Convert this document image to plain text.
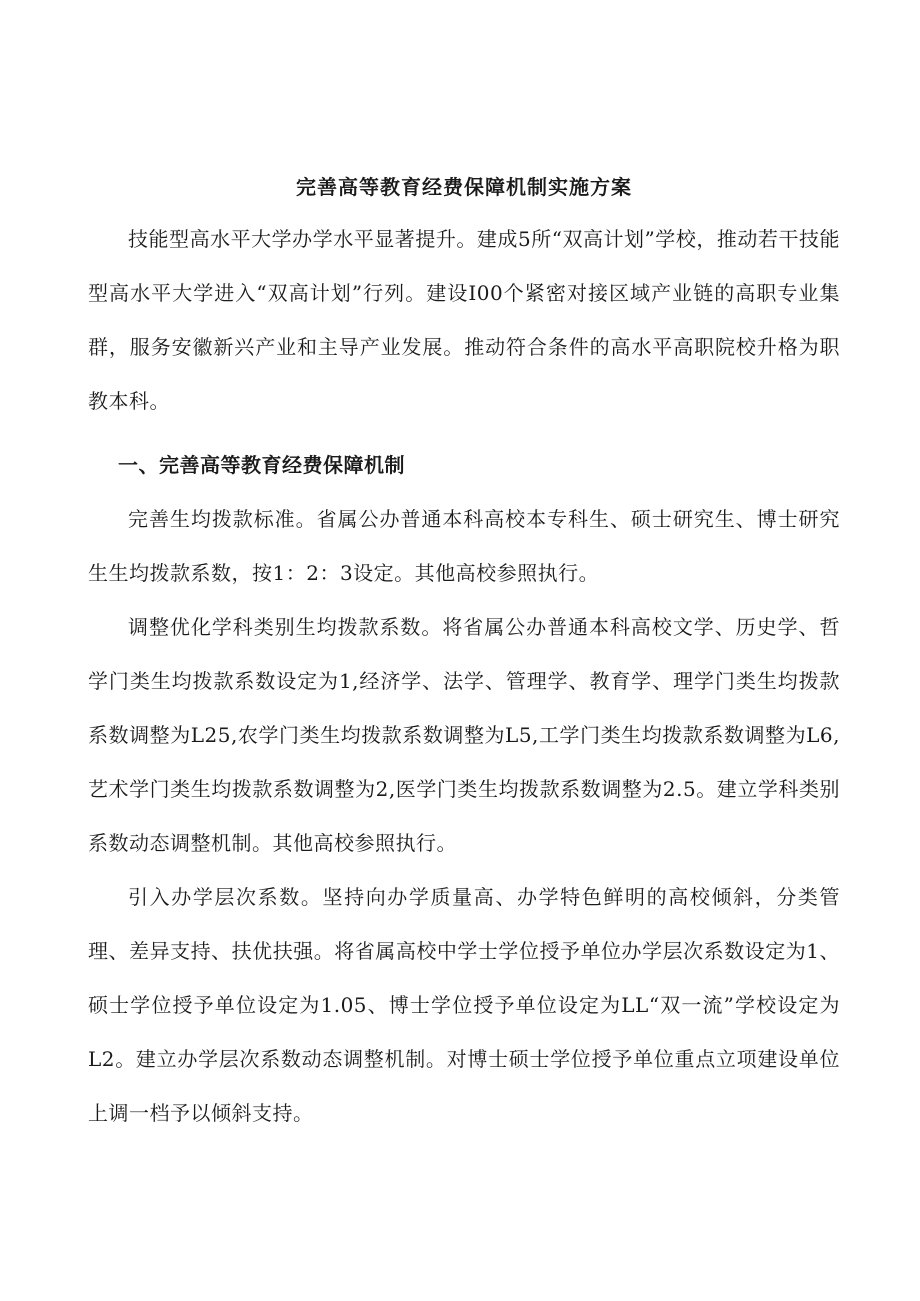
完善高等教育经费保障机制实施方案

技能型高水平大学办学水平显著提升。建成5所“双高计划”学校，推动若干技能型高水平大学进入“双高计划”行列。建设I00个紧密对接区域产业链的高职专业集群，服务安徽新兴产业和主导产业发展。推动符合条件的高水平高职院校升格为职教本科。

一、完善高等教育经费保障机制

完善生均拨款标准。省属公办普通本科高校本专科生、硕士研究生、博士研究生生均拨款系数，按1：2：3设定。其他高校参照执行。

调整优化学科类别生均拨款系数。将省属公办普通本科高校文学、历史学、哲学门类生均拨款系数设定为1,经济学、法学、管理学、教育学、理学门类生均拨款系数调整为L25,农学门类生均拨款系数调整为L5,工学门类生均拨款系数调整为L6,艺术学门类生均拨款系数调整为2,医学门类生均拨款系数调整为2.5。建立学科类别系数动态调整机制。其他高校参照执行。

引入办学层次系数。坚持向办学质量高、办学特色鲜明的高校倾斜，分类管理、差异支持、扶优扶强。将省属高校中学士学位授予单位办学层次系数设定为1、硕士学位授予单位设定为1.05、博士学位授予单位设定为LL“双一流”学校设定为L2。建立办学层次系数动态调整机制。对博士硕士学位授予单位重点立项建设单位上调一档予以倾斜支持。
